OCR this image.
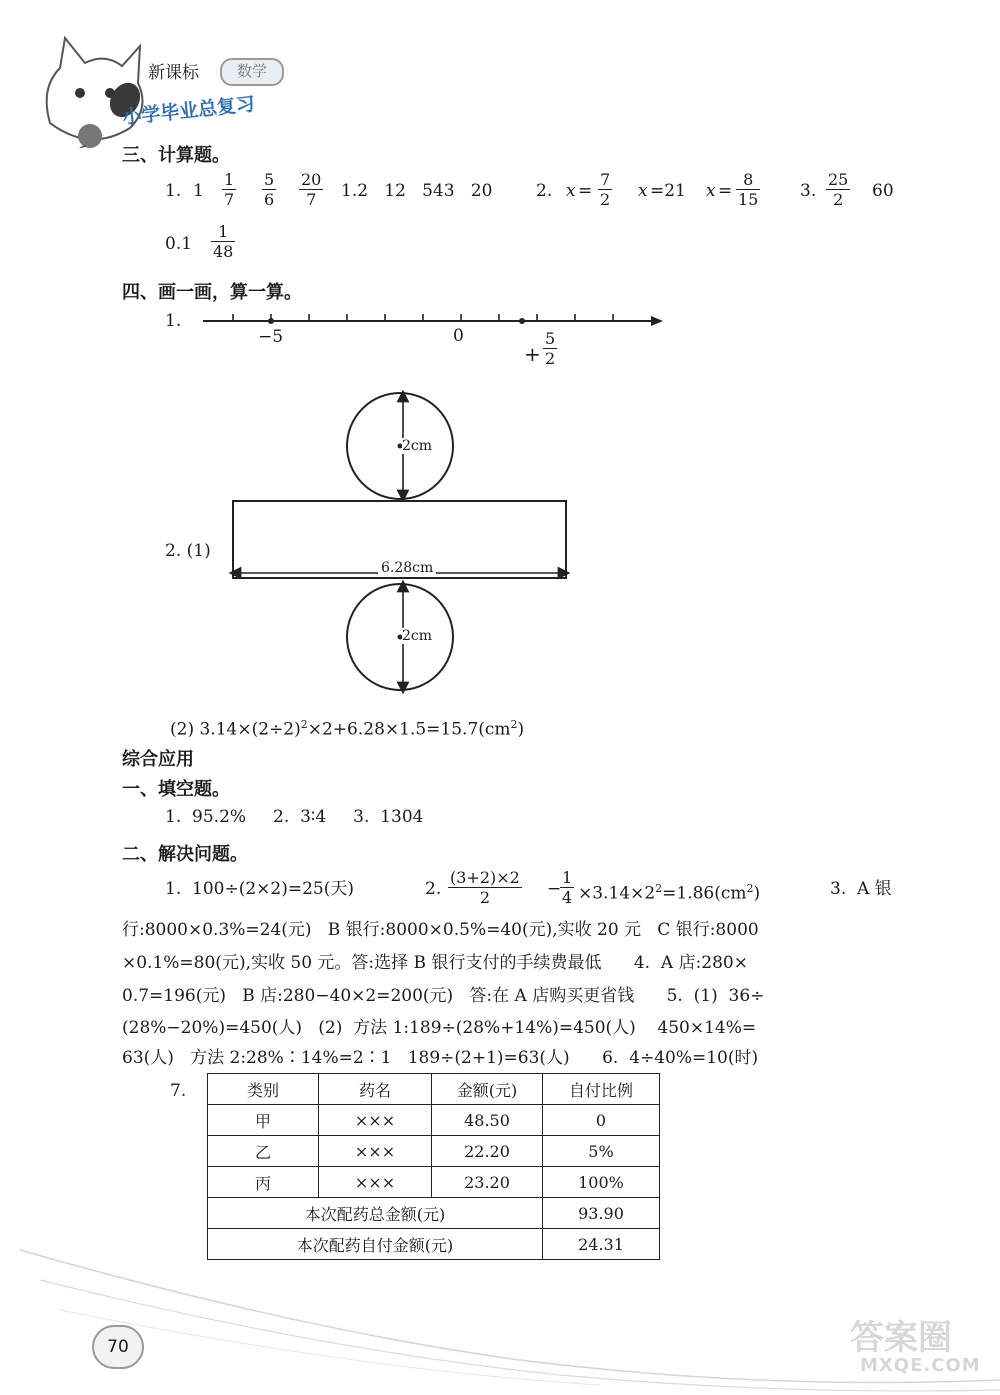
新课标	数学
小学毕业总复习
三、计算题。
1. 1
1
7
5
6
20
7 1.2   12   543   20	2. x =
7
2 x =21 x =
8
15 3.
25
2 60
0.1
1
48
四、画一画，算一算。
1.
−5	0
+
5
2
2. (1)
2cm
6.28cm
2cm
(2) $3.14\times(2\div 2)^2\times 2+6.28\times 1.5=15.7(cm^2)$
综合应用
一、填空题。
1.  95.2%     2.  3∶4     3.  1304
二、解决问题。
1.  100÷(2×2)=25(天)	2.
(3+2)×2
2	−
1
$4 \times 3.14\times 2^2=1.86(cm^2)$	3.  A 银
行:8000×0.3%=24(元)   B 银行:8000×0.5%=40(元),实收 20 元   C 银行:8000
×0.1%=80(元),实收 50 元。答:选择 B 银行支付的手续费最低      4.  A 店:280×
0.7=196(元)   B 店:280−40×2=200(元)   答:在 A 店购买更省钱      5.  (1)  36÷
(28%−20%)=450(人)   (2)  方法 1:189÷(28%+14%)=450(人)    450×14%=
63(人)   方法 2:28%∶14%=2∶1   189÷(2+1)=63(人)      6.  4÷40%=10(时)
7.	类别	药名	金额(元)	自付比例
甲	×××	48.50	0
乙	×××	22.20	5%
丙	×××	23.20	100%
本次配药总金额(元)			93.90
本次配药自付金额(元)			24.31
70	答案圈
MXQE.COM
